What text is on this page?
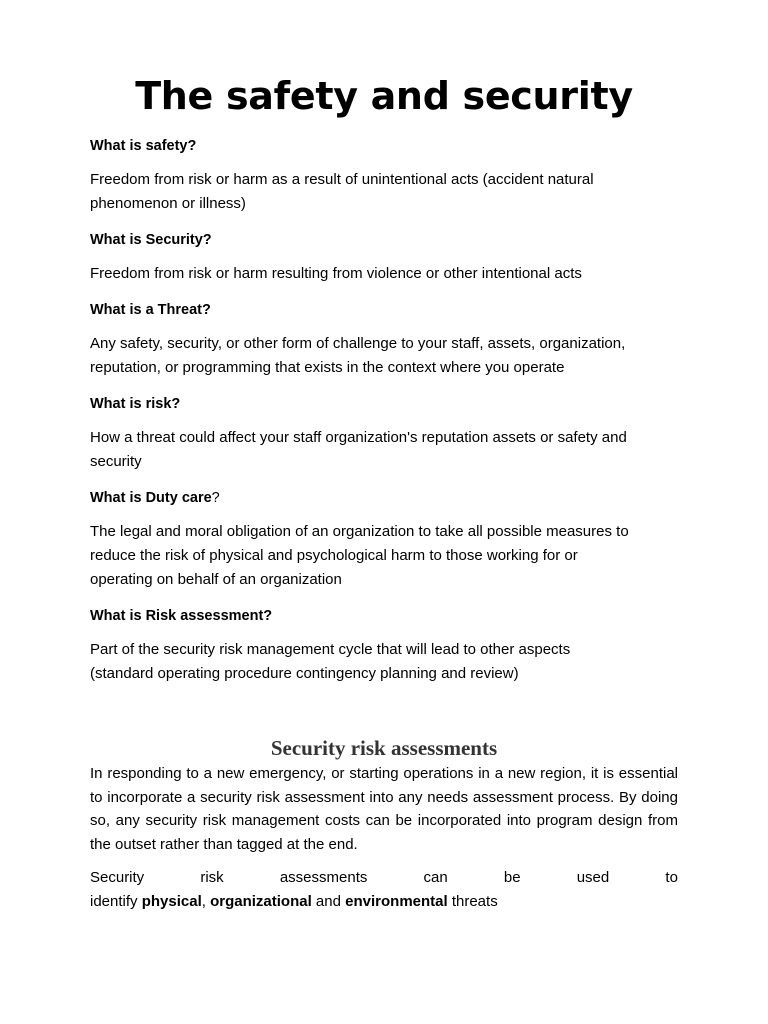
The safety and security

What is safety?

Freedom from risk or harm as a result of unintentional acts (accident natural
phenomenon or illness)

What is Security?

Freedom from risk or harm resulting from violence or other intentional acts

What is a Threat?

Any safety, security, or other form of challenge to your staff, assets, organization,
reputation, or programming that exists in the context where you operate

What is risk?

How a threat could affect your staff organization's reputation assets or safety and
security

What is Duty care?

The legal and moral obligation of an organization to take all possible measures to
reduce the risk of physical and psychological harm to those working for or
operating on behalf of an organization

What is Risk assessment?

Part of the security risk management cycle that will lead to other aspects
(standard operating procedure contingency planning and review)

Security risk assessments

In responding to a new emergency, or starting operations in a new region, it is essential to incorporate a security risk assessment into any needs assessment process. By doing so, any security risk management costs can be incorporated into program design from the outset rather than tagged at the end.

Security	risk	assessments	can	be	used	to
identify physical, organizational and environmental threats
